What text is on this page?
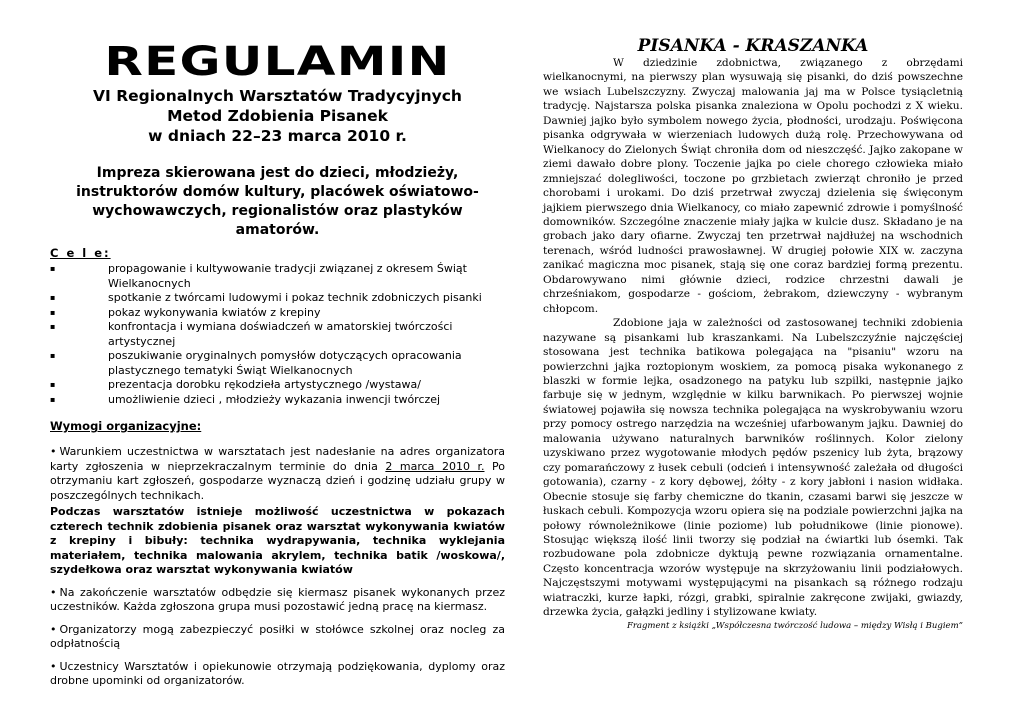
REGULAMIN

VI Regionalnych Warsztatów Tradycyjnych

Metod Zdobienia Pisanek

w dniach 22–23 marca 2010 r.

Impreza skierowana jest do dzieci, młodzieży, instruktorów domów kultury, placówek oświatowo-wychowawczych, regionalistów oraz plastyków amatorów.

C e l e:
▪	propagowanie i kultywowanie tradycji związanej z okresem Świąt Wielkanocnych
▪	spotkanie z twórcami ludowymi i pokaz technik zdobniczych pisanki
▪	pokaz wykonywania kwiatów z krepiny
▪	konfrontacja i wymiana doświadczeń w amatorskiej twórczości artystycznej
▪	poszukiwanie oryginalnych pomysłów dotyczących opracowania plastycznego tematyki Świąt Wielkanocnych
▪	prezentacja dorobku rękodzieła artystycznego /wystawa/
▪	umożliwienie dzieci , młodzieży wykazania inwencji twórczej
Wymogi organizacyjne:

• Warunkiem uczestnictwa w warsztatach jest nadesłanie na adres organizatora karty zgłoszenia w nieprzekraczalnym terminie do dnia 2 marca 2010 r. Po otrzymaniu kart zgłoszeń, gospodarze wyznaczą dzień i godzinę udziału grupy w poszczególnych technikach.

Podczas warsztatów istnieje możliwość uczestnictwa w pokazach czterech technik zdobienia pisanek oraz warsztat wykonywania kwiatów z krepiny i bibuły: technika wydrapywania, technika wyklejania materiałem, technika malowania akrylem, technika batik /woskowa/, szydełkowa oraz warsztat wykonywania kwiatów

• Na zakończenie warsztatów odbędzie się kiermasz pisanek wykonanych przez uczestników. Każda zgłoszona grupa musi pozostawić jedną pracę na kiermasz.

• Organizatorzy mogą zabezpieczyć posiłki w stołówce szkolnej oraz nocleg za odpłatnością

• Uczestnicy Warsztatów i opiekunowie otrzymają podziękowania, dyplomy oraz drobne upominki od organizatorów.

PISANKA - KRASZANKA

W dziedzinie zdobnictwa, związanego z obrzędami wielkanocnymi, na pierwszy plan wysuwają się pisanki, do dziś powszechne we wsiach Lubelszczyzny. Zwyczaj malowania jaj ma w Polsce tysiącletnią tradycję. Najstarsza polska pisanka znaleziona w Opolu pochodzi z X wieku. Dawniej jajko było symbolem nowego życia, płodności, urodzaju. Poświęcona pisanka odgrywała w wierzeniach ludowych dużą rolę. Przechowywana od Wielkanocy do Zielonych Świąt chroniła dom od nieszczęść. Jajko zakopane w ziemi dawało dobre plony. Toczenie jajka po ciele chorego człowieka miało zmniejszać dolegliwości, toczone po grzbietach zwierząt chroniło je przed chorobami i urokami. Do dziś przetrwał zwyczaj dzielenia się święconym jajkiem pierwszego dnia Wielkanocy, co miało zapewnić zdrowie i pomyślność domowników. Szczególne znaczenie miały jajka w kulcie dusz. Składano je na grobach jako dary ofiarne. Zwyczaj ten przetrwał najdłużej na wschodnich terenach, wśród ludności prawosławnej. W drugiej połowie XIX w. zaczyna zanikać magiczna moc pisanek, stają się one coraz bardziej formą prezentu. Obdarowywano nimi głównie dzieci, rodzice chrzestni dawali je chrześniakom, gospodarze - gościom, żebrakom, dziewczyny - wybranym chłopcom.

Zdobione jaja w zależności od zastosowanej techniki zdobienia nazywane są pisankami lub kraszankami. Na Lubelszczyźnie najczęściej stosowana jest technika batikowa polegająca na "pisaniu" wzoru na powierzchni jajka roztopionym woskiem, za pomocą pisaka wykonanego z blaszki w formie lejka, osadzonego na patyku lub szpilki, następnie jajko farbuje się w jednym, względnie w kilku barwnikach. Po pierwszej wojnie światowej pojawiła się nowsza technika polegająca na wyskrobywaniu wzoru przy pomocy ostrego narzędzia na wcześniej ufarbowanym jajku. Dawniej do malowania używano naturalnych barwników roślinnych. Kolor zielony uzyskiwano przez wygotowanie młodych pędów pszenicy lub żyta, brązowy czy pomarańczowy z łusek cebuli (odcień i intensywność zależała od długości gotowania), czarny - z kory dębowej, żółty - z kory jabłoni i nasion widłaka. Obecnie stosuje się farby chemiczne do tkanin, czasami barwi się jeszcze w łuskach cebuli. Kompozycja wzoru opiera się na podziale powierzchni jajka na połowy równoleżnikowe (linie poziome) lub południkowe (linie pionowe). Stosując większą ilość linii tworzy się podział na ćwiartki lub ósemki. Tak rozbudowane pola zdobnicze dyktują pewne rozwiązania ornamentalne. Często koncentracja wzorów występuje na skrzyżowaniu linii podziałowych. Najczęstszymi motywami występującymi na pisankach są różnego rodzaju wiatraczki, kurze łapki, rózgi, grabki, spiralnie zakręcone zwijaki, gwiazdy, drzewka życia, gałązki jedliny i stylizowane kwiaty.

Fragment z książki „Współczesna twórczość ludowa – między Wisłą i Bugiem”
